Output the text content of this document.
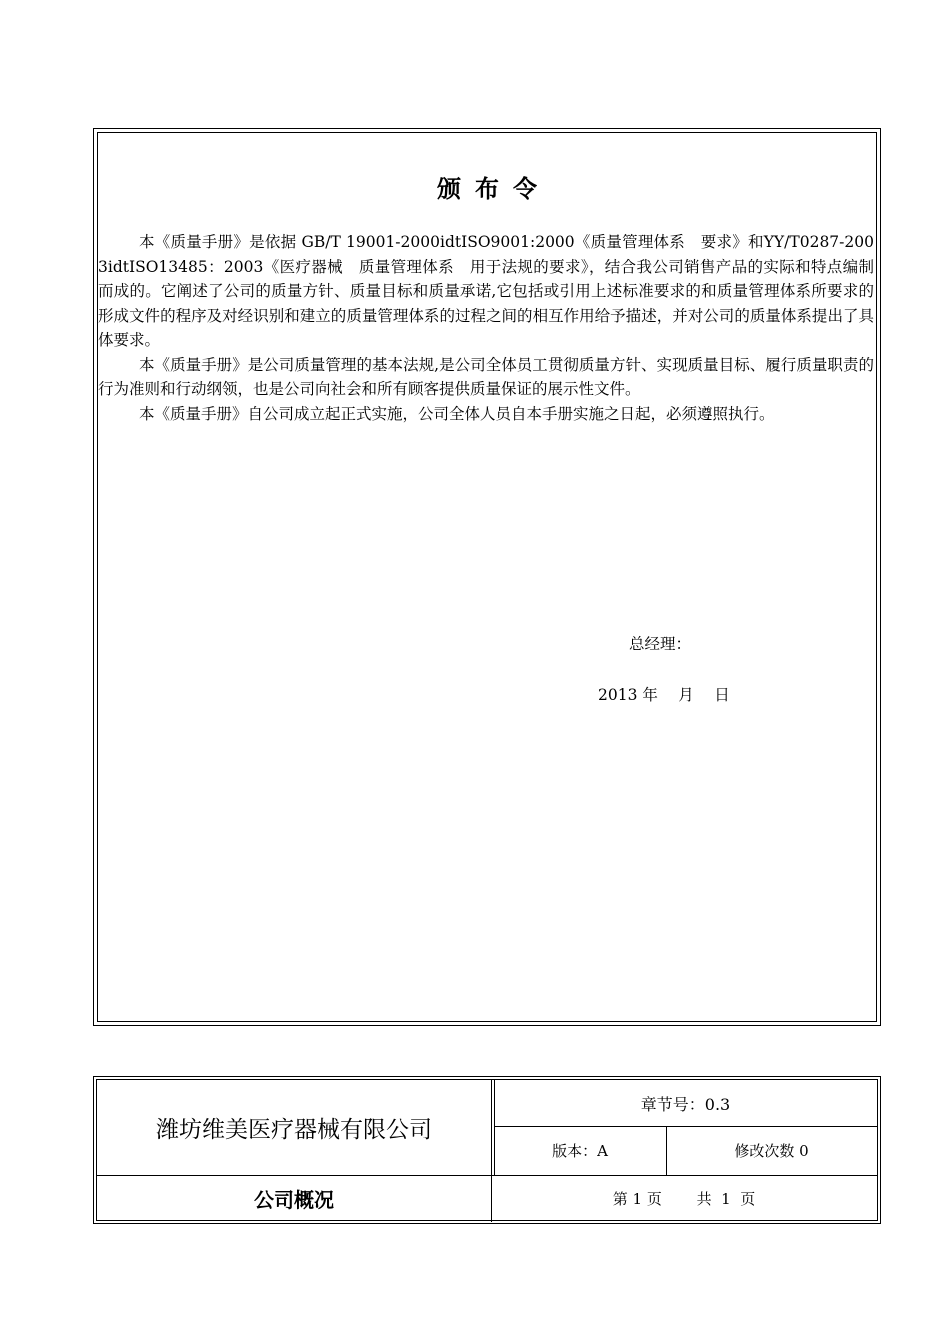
颁布令

本《质量手册》是依据 GB/T 19001-2000idtISO9001:2000《质量管理体系　要求》和YY/T0287-2003idtISO13485：2003《医疗器械　质量管理体系　用于法规的要求》，结合我公司销售产品的实际和特点编制而成的。它阐述了公司的质量方针、质量目标和质量承诺,它包括或引用上述标准要求的和质量管理体系所要求的形成文件的程序及对经识别和建立的质量管理体系的过程之间的相互作用给予描述，并对公司的质量体系提出了具体要求。

本《质量手册》是公司质量管理的基本法规,是公司全体员工贯彻质量方针、实现质量目标、履行质量职责的行为准则和行动纲领，也是公司向社会和所有顾客提供质量保证的展示性文件。

本《质量手册》自公司成立起正式实施，公司全体人员自本手册实施之日起，必须遵照执行。

总经理：
2013 年　 月　 日
潍坊维美医疗器械有限公司
章节号：0.3
版本：A	修改次数 0
公司概况	第 1 页　　 共  1  页
